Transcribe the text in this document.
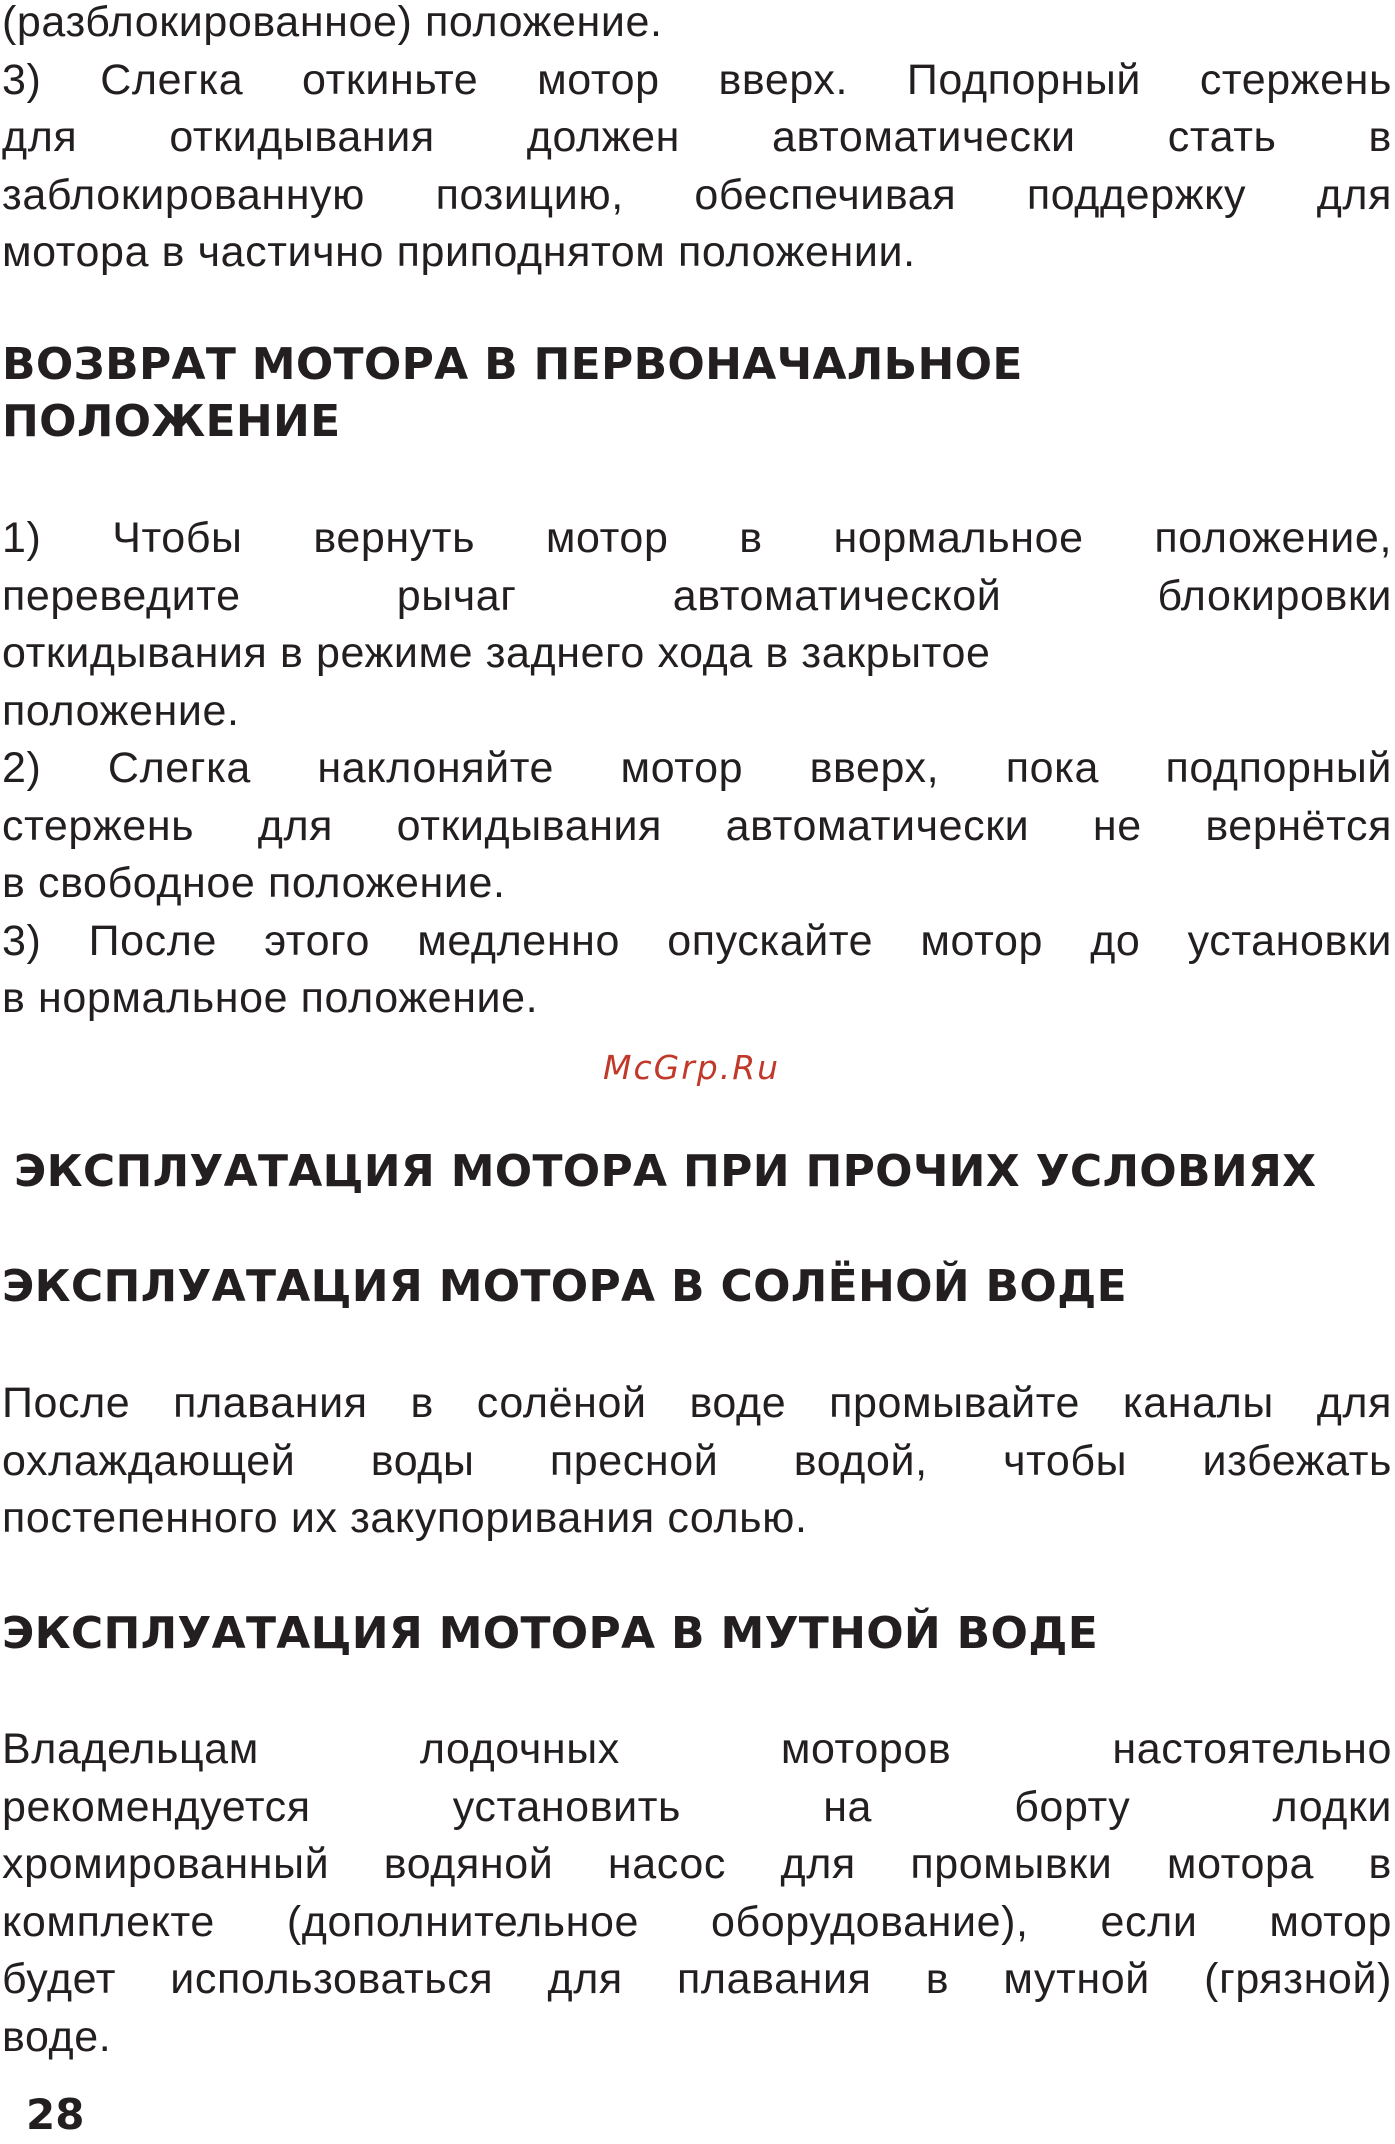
(разблокированное) положение.
3) Слегка откиньте мотор вверх. Подпорный стержень
для откидывания должен автоматически стать в
заблокированную позицию, обеспечивая поддержку для
мотора в частично приподнятом положении.
ВОЗВРАТ МОТОРА В ПЕРВОНАЧАЛЬНОЕ
ПОЛОЖЕНИЕ
1) Чтобы вернуть мотор в нормальное положение,
переведите рычаг автоматической блокировки
откидывания в режиме заднего хода в закрытое
положение.
2) Слегка наклоняйте мотор вверх, пока подпорный
стержень для откидывания автоматически не вернётся
в свободное положение.
3) После этого медленно опускайте мотор до установки
в нормальное положение.
McGrp.Ru
ЭКСПЛУАТАЦИЯ МОТОРА ПРИ ПРОЧИХ УСЛОВИЯХ
ЭКСПЛУАТАЦИЯ МОТОРА В СОЛЁНОЙ ВОДЕ
После плавания в солёной воде промывайте каналы для
охлаждающей воды пресной водой, чтобы избежать
постепенного их закупоривания солью.
ЭКСПЛУАТАЦИЯ МОТОРА В МУТНОЙ ВОДЕ
Владельцам лодочных моторов настоятельно
рекомендуется установить на борту лодки
хромированный водяной насос для промывки мотора в
комплекте (дополнительное оборудование), если мотор
будет использоваться для плавания в мутной (грязной)
воде.
28
